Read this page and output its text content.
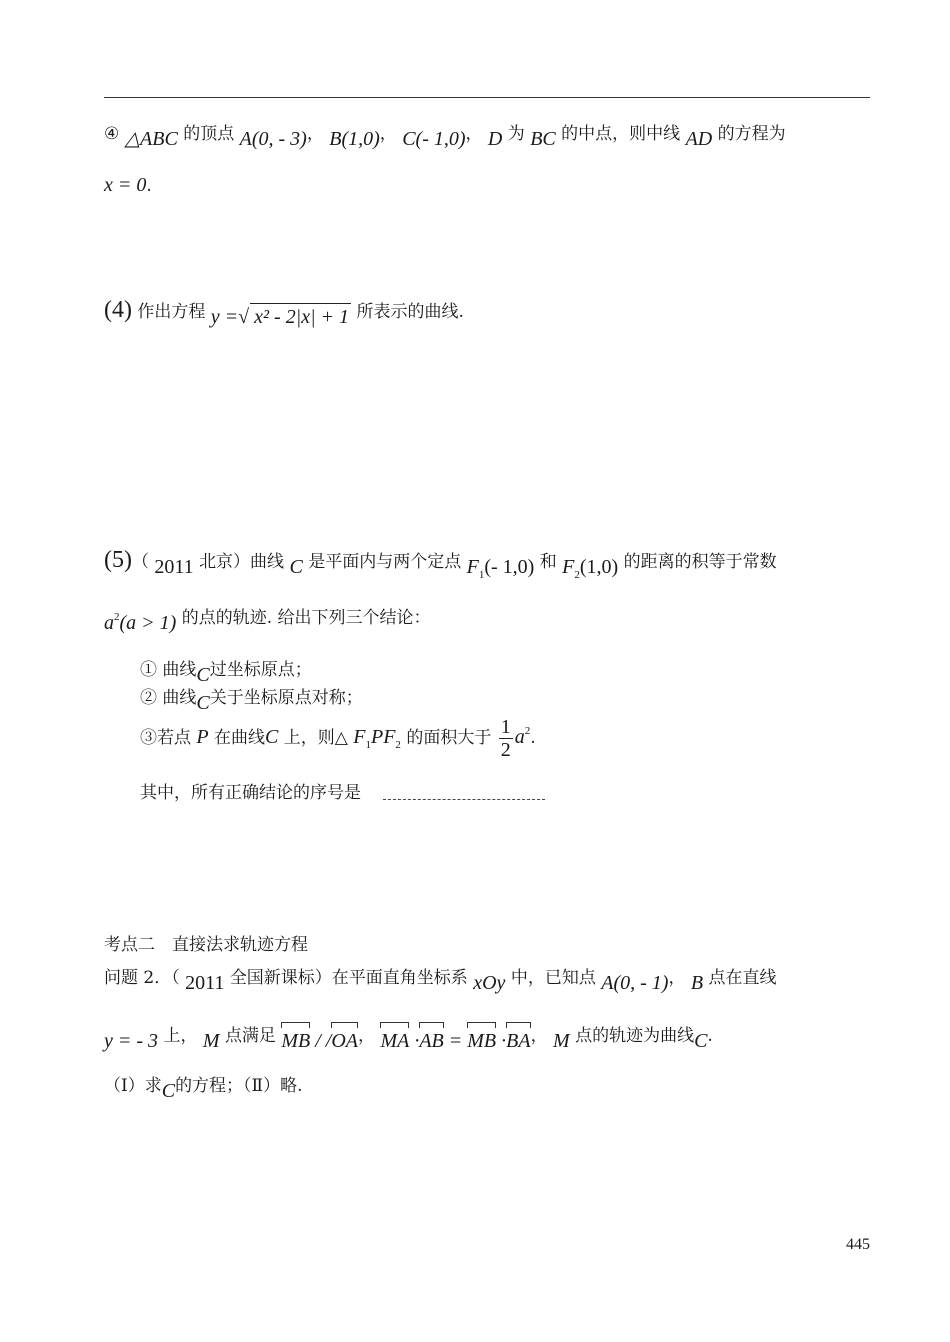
④ △ABC 的顶点 A(0, - 3)， B(1,0)， C(- 1,0)， D 为 BC 的中点，则中线 AD 的方程为
x = 0.
(4) 作出方程 y =√ x² - 2|x| + 1 所表示的曲线.
(5)（ 2011 北京）曲线 C 是平面内与两个定点 $F_1(-$ 1,0) 和 $F_2(1,0)$ 的距离的积等于常数
$a^2(a > 1)$ 的点的轨迹. 给出下列三个结论：
① 曲线C过坐标原点；
② 曲线C关于坐标原点对称；
③若点 P 在曲线C 上，则△ $F_1PF_2$ 的面积大于 $\frac{1}{2} a^2$.
其中，所有正确结论的序号是
考点二　直接法求轨迹方程
问题 2．（ 2011 全国新课标）在平面直角坐标系 xOy 中，已知点 A(0, - 1)， B 点在直线
y = - 3 上， M 点满足 MB / /OA， MA ·AB = MB ·BA， M 点的轨迹为曲线C.
（Ⅰ）求C的方程；（Ⅱ）略.
445
